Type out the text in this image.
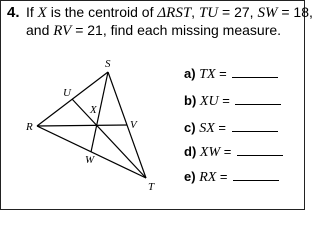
4. If X is the centroid of ΔRST, TU = 27, SW = 18,
and RV = 21, find each missing measure.
S
R
T
U
V
W
X
a) TX =
b) XU =
c) SX =
d) XW =
e) RX =
